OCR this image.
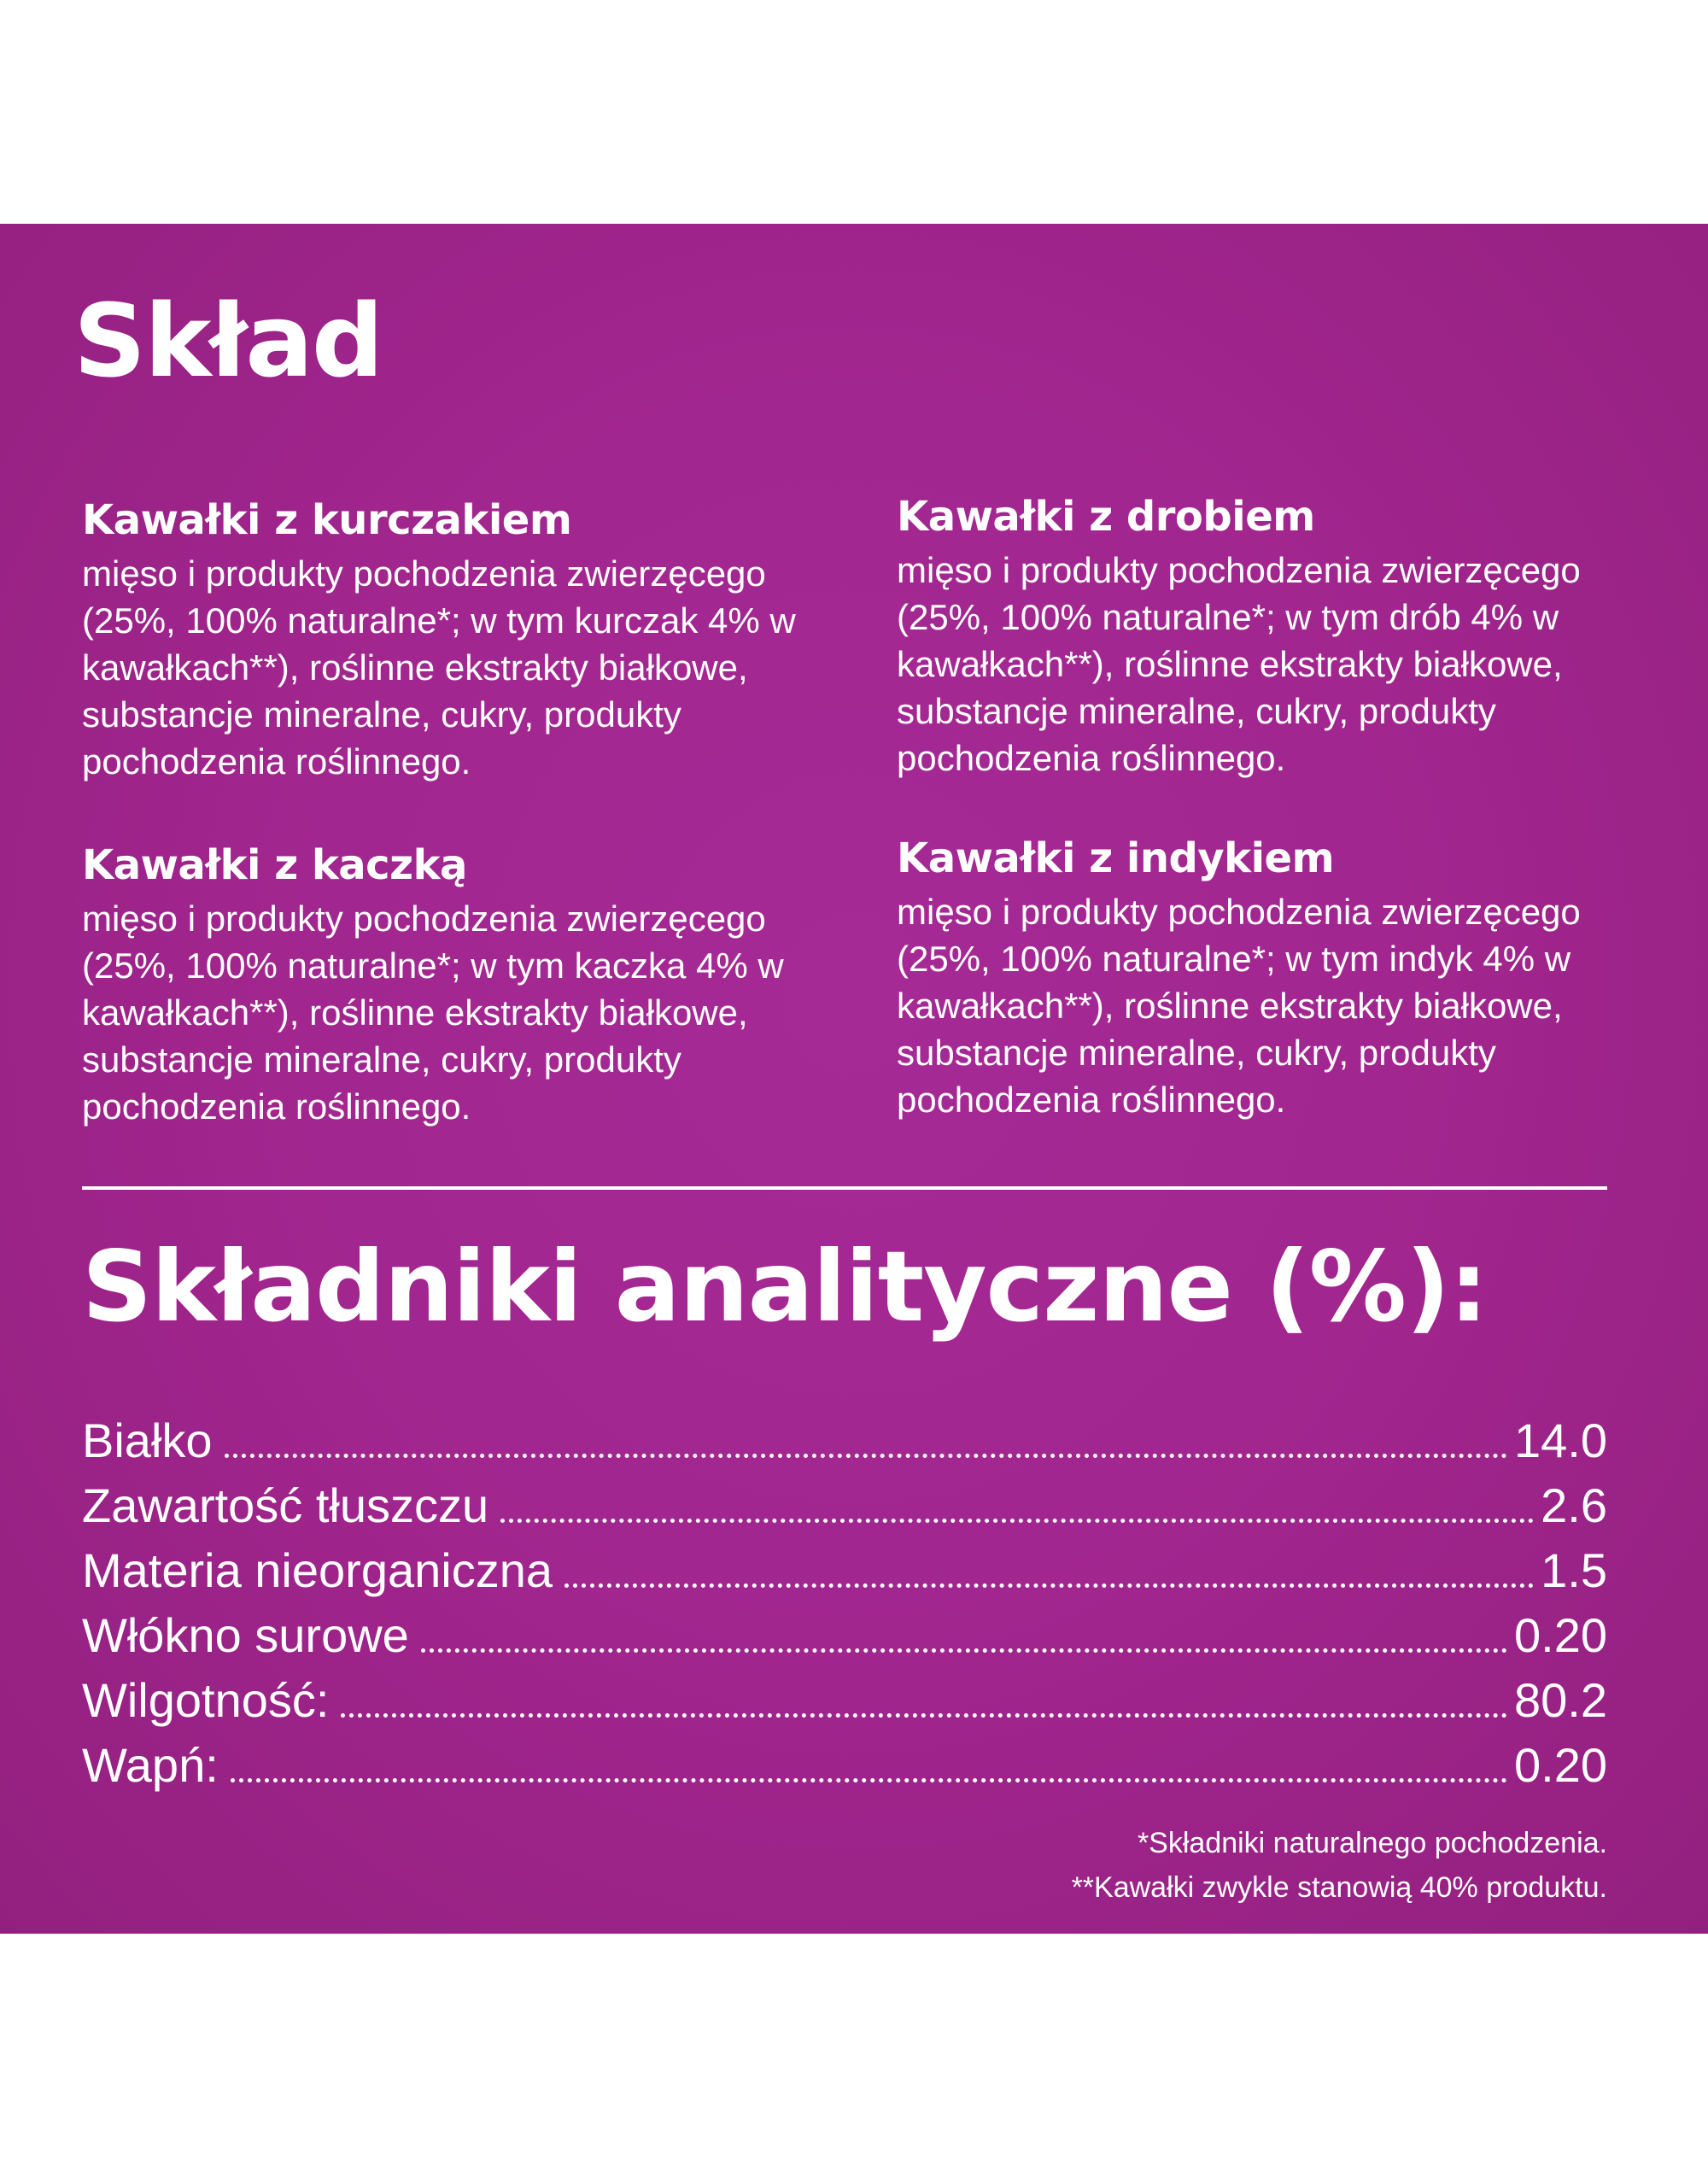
Skład
Kawałki z kurczakiem

mięso i produkty pochodzenia zwierzęcego
(25%, 100% naturalne*; w tym kurczak 4% w
kawałkach**), roślinne ekstrakty białkowe,
substancje mineralne, cukry, produkty
pochodzenia roślinnego.

Kawałki z drobiem

mięso i produkty pochodzenia zwierzęcego
(25%, 100% naturalne*; w tym drób 4% w
kawałkach**), roślinne ekstrakty białkowe,
substancje mineralne, cukry, produkty
pochodzenia roślinnego.

Kawałki z kaczką

mięso i produkty pochodzenia zwierzęcego
(25%, 100% naturalne*; w tym kaczka 4% w
kawałkach**), roślinne ekstrakty białkowe,
substancje mineralne, cukry, produkty
pochodzenia roślinnego.

Kawałki z indykiem

mięso i produkty pochodzenia zwierzęcego
(25%, 100% naturalne*; w tym indyk 4% w
kawałkach**), roślinne ekstrakty białkowe,
substancje mineralne, cukry, produkty
pochodzenia roślinnego.

Składniki analityczne (%):
Białko	14.0
Zawartość tłuszczu	2.6
Materia nieorganiczna	1.5
Włókno surowe	0.20
Wilgotność:	80.2
Wapń:	0.20
*Składniki naturalnego pochodzenia.
**Kawałki zwykle stanowią 40% produktu.
